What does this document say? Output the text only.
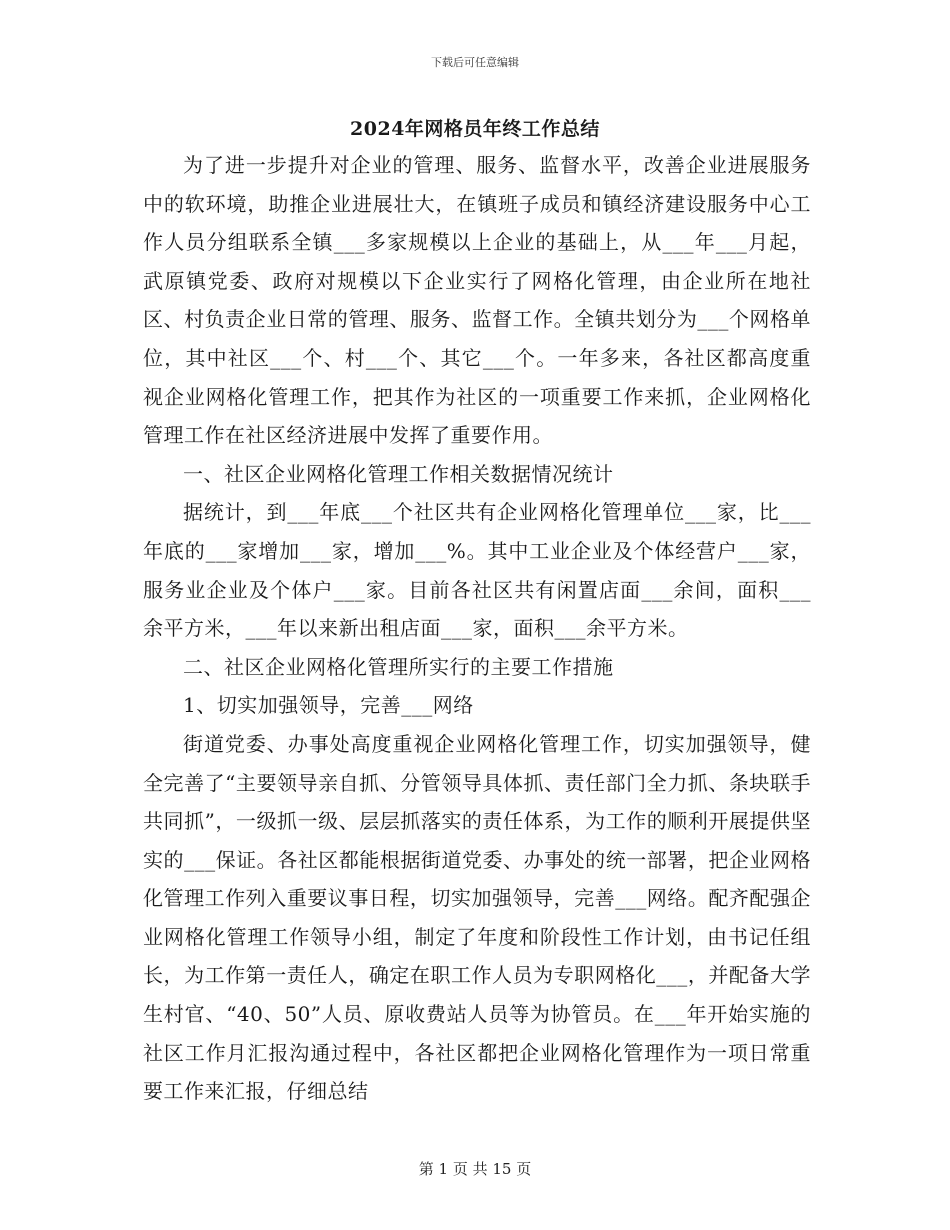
下载后可任意编辑
2024年网格员年终工作总结

为了进一步提升对企业的管理、服务、监督水平，改善企业进展服务中的软环境，助推企业进展壮大，在镇班子成员和镇经济建设服务中心工作人员分组联系全镇___多家规模以上企业的基础上，从___年___月起，武原镇党委、政府对规模以下企业实行了网格化管理，由企业所在地社区、村负责企业日常的管理、服务、监督工作。全镇共划分为___个网格单位，其中社区___个、村___个、其它___个。一年多来，各社区都高度重视企业网格化管理工作，把其作为社区的一项重要工作来抓，企业网格化管理工作在社区经济进展中发挥了重要作用。

一、社区企业网格化管理工作相关数据情况统计

据统计，到___年底___个社区共有企业网格化管理单位___家，比___年底的___家增加___家，增加___%。其中工业企业及个体经营户___家，服务业企业及个体户___家。目前各社区共有闲置店面___余间，面积___余平方米，___年以来新出租店面___家，面积___余平方米。

二、社区企业网格化管理所实行的主要工作措施

1、切实加强领导，完善___网络

街道党委、办事处高度重视企业网格化管理工作，切实加强领导，健全完善了“主要领导亲自抓、分管领导具体抓、责任部门全力抓、条块联手共同抓”，一级抓一级、层层抓落实的责任体系，为工作的顺利开展提供坚实的___保证。各社区都能根据街道党委、办事处的统一部署，把企业网格化管理工作列入重要议事日程，切实加强领导，完善___网络。配齐配强企业网格化管理工作领导小组，制定了年度和阶段性工作计划，由书记任组长，为工作第一责任人，确定在职工作人员为专职网格化___，并配备大学生村官、“40、50”人员、原收费站人员等为协管员。在___年开始实施的社区工作月汇报沟通过程中，各社区都把企业网格化管理作为一项日常重要工作来汇报，仔细总结

第 1 页 共 15 页
